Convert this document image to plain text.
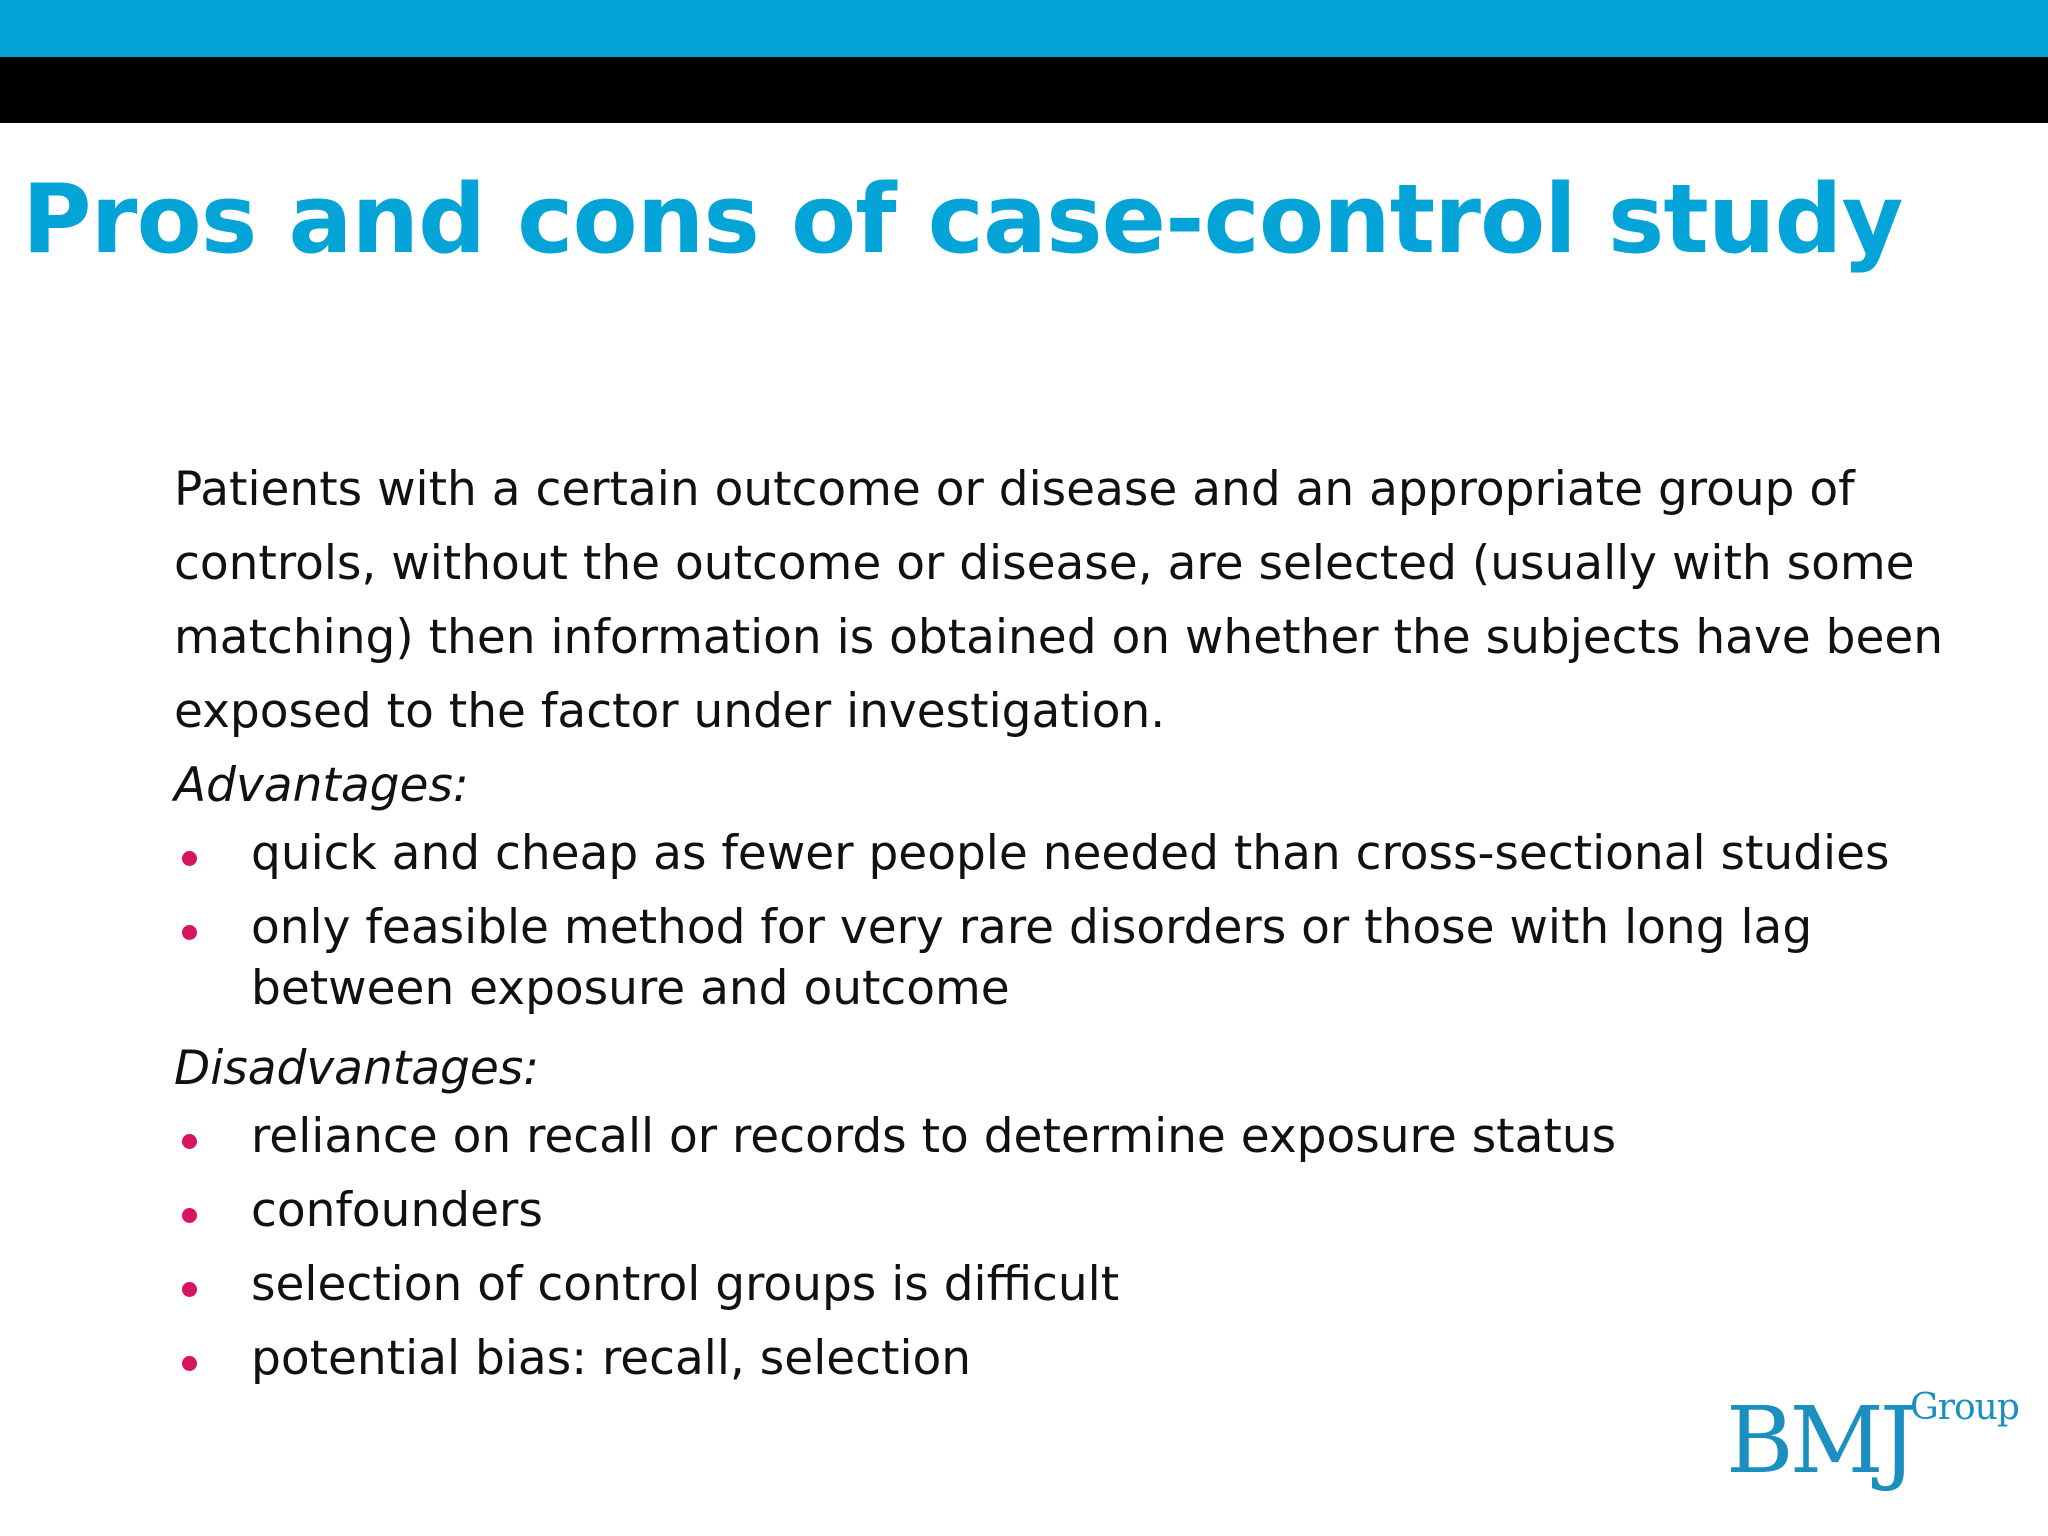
Pros and cons of case-control study

Patients with a certain outcome or disease and an appropriate group of controls, without the outcome or disease, are selected (usually with some matching) then information is obtained on whether the subjects have been exposed to the factor under investigation.

Advantages:

quick and cheap as fewer people needed than cross-sectional studies
only feasible method for very rare disorders or those with long lag between exposure and outcome

Disadvantages:

reliance on recall or records to determine exposure status
confounders
selection of control groups is difficult
potential bias: recall, selection
BMJ
Group
